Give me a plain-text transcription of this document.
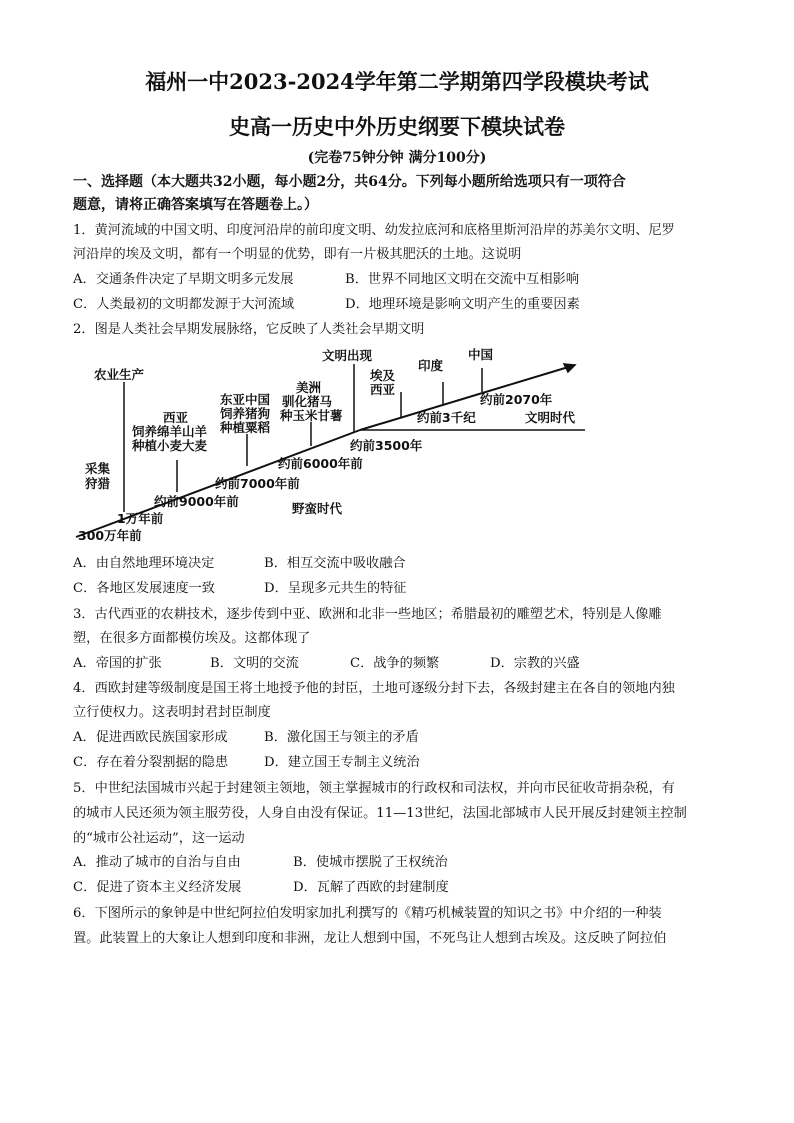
福州一中2023-2024学年第二学期第四学段模块考试
史高一历史中外历史纲要下模块试卷
(完卷75钟分钟 满分100分)
一、选择题（本大题共32小题，每小题2分，共64分。下列每小题所给选项只有一项符合
题意，请将正确答案填写在答题卷上。）
1．黄河流域的中国文明、印度河沿岸的前印度文明、幼发拉底河和底格里斯河沿岸的苏美尔文明、尼罗
河沿岸的埃及文明，都有一个明显的优势，即有一片极其肥沃的土地。这说明
A．交通条件决定了早期文明多元发展	B．世界不同地区文明在交流中互相影响
C．人类最初的文明都发源于大河流域	D．地理环境是影响文明产生的重要因素
2．图是人类社会早期发展脉络，它反映了人类社会早期文明
文明出现
印度
中国
农业生产
美洲
驯化猪马
种玉米甘薯
埃及
西亚
东亚中国
饲养猪狗
种植粟稻
西亚
饲养绵羊山羊
种植小麦大麦
约前2070年
约前3千纪	文明时代
约前3500年
约前6000年前
约前7000年前
约前9000年前
采集
狩猎
1万年前
300万年前
野蛮时代
A．由自然地理环境决定	B．相互交流中吸收融合
C．各地区发展速度一致	D．呈现多元共生的特征
3．古代西亚的农耕技术，逐步传到中亚、欧洲和北非一些地区；希腊最初的雕塑艺术，特别是人像雕
塑，在很多方面都模仿埃及。这都体现了
A．帝国的扩张	B．文明的交流	C．战争的频繁	D．宗教的兴盛
4．西欧封建等级制度是国王将土地授予他的封臣，土地可逐级分封下去，各级封建主在各自的领地内独
立行使权力。这表明封君封臣制度
A．促进西欧民族国家形成	B．激化国王与领主的矛盾
C．存在着分裂割据的隐患	D．建立国王专制主义统治
5．中世纪法国城市兴起于封建领主领地，领主掌握城市的行政权和司法权，并向市民征收苛捐杂税，有
的城市人民还须为领主服劳役，人身自由没有保证。11—13世纪，法国北部城市人民开展反封建领主控制
的“城市公社运动”，这一运动
A．推动了城市的自治与自由	B．使城市摆脱了王权统治
C．促进了资本主义经济发展	D．瓦解了西欧的封建制度
6．下图所示的象钟是中世纪阿拉伯发明家加扎利撰写的《精巧机械装置的知识之书》中介绍的一种装
置。此装置上的大象让人想到印度和非洲，龙让人想到中国，不死鸟让人想到古埃及。这反映了阿拉伯
